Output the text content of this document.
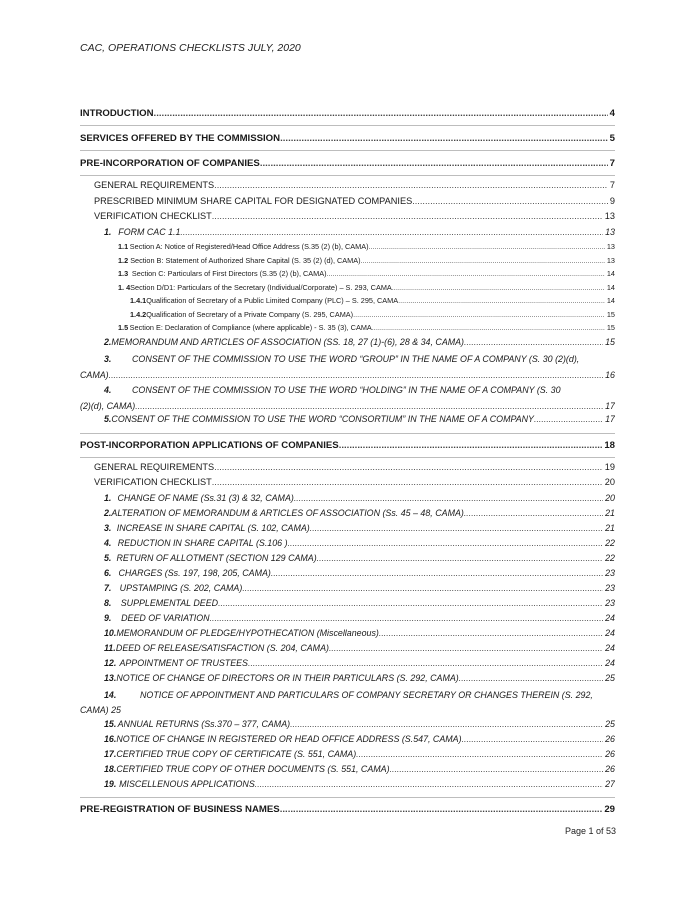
CAC, OPERATIONS CHECKLISTS JULY, 2020
INTRODUCTION .....	4
SERVICES OFFERED BY THE COMMISSION .....	5
PRE-INCORPORATION OF COMPANIES .....	7
GENERAL REQUIREMENTS .....	7
PRESCRIBED MINIMUM SHARE CAPITAL FOR DESIGNATED COMPANIES .....	9
VERIFICATION CHECKLIST .....	13
1. FORM CAC 1.1 .....	13
1.1 Section A: Notice of Registered/Head Office Address (S.35 (2) (b), CAMA) .....	13
1.2 Section B: Statement of Authorized Share Capital (S. 35 (2) (d), CAMA) .....	13
1.3 Section C: Particulars of First Directors (S.35 (2) (b), CAMA) .....	14
1. 4 Section D/D1: Particulars of the Secretary (Individual/Corporate) – S. 293, CAMA .....	14
1.4.1 Qualification of Secretary of a Public Limited Company (PLC) – S. 295, CAMA .....	14
1.4.2 Qualification of Secretary of a Private Company (S. 295, CAMA) .....	15
1.5 Section E: Declaration of Compliance (where applicable) - S. 35 (3), CAMA .....	15
2. MEMORANDUM AND ARTICLES OF ASSOCIATION (SS. 18, 27 (1)-(6), 28 & 34, CAMA) .....	15
3. CONSENT OF THE COMMISSION TO USE THE WORD “GROUP” IN THE NAME OF A COMPANY (S. 30 (2)(d),
CAMA) .....	16
4. CONSENT OF THE COMMISSION TO USE THE WORD “HOLDING” IN THE NAME OF A COMPANY (S. 30
(2)(d), CAMA) .....	17
5. CONSENT OF THE COMMISSION TO USE THE WORD “CONSORTIUM” IN THE NAME OF A COMPANY .....	17
POST-INCORPORATION APPLICATIONS OF COMPANIES .....	18
GENERAL REQUIREMENTS .....	19
VERIFICATION CHECKLIST .....	20
1. CHANGE OF NAME (Ss.31 (3) & 32, CAMA) .....	20
2. ALTERATION OF MEMORANDUM & ARTICLES OF ASSOCIATION (Ss. 45 – 48, CAMA) .....	21
3. INCREASE IN SHARE CAPITAL (S. 102, CAMA) .....	21
4. REDUCTION IN SHARE CAPITAL (S.106 ) .....	22
5. RETURN OF ALLOTMENT (SECTION 129 CAMA) .....	22
6. CHARGES (Ss. 197, 198, 205, CAMA) .....	23
7. UPSTAMPING (S. 202, CAMA) .....	23
8.	SUPPLEMENTAL DEED .....	23
9.	DEED OF VARIATION .....	24
10. MEMORANDUM OF PLEDGE/HYPOTHECATION (Miscellaneous) .....	24
11. DEED OF RELEASE/SATISFACTION (S. 204, CAMA) .....	24
12. APPOINTMENT OF TRUSTEES .....	24
13. NOTICE OF CHANGE OF DIRECTORS OR IN THEIR PARTICULARS (S. 292, CAMA) .....	25
14.	NOTICE OF APPOINTMENT AND PARTICULARS OF COMPANY SECRETARY OR CHANGES THEREIN (S. 292,
CAMA) 25
15. ANNUAL RETURNS (Ss.370 – 377, CAMA) .....	25
16. NOTICE OF CHANGE IN REGISTERED OR HEAD OFFICE ADDRESS (S.547, CAMA) .....	26
17. CERTIFIED TRUE COPY OF CERTIFICATE (S. 551, CAMA) .....	26
18. CERTIFIED TRUE COPY OF OTHER DOCUMENTS (S. 551, CAMA) .....	26
19. MISCELLENOUS APPLICATIONS .....	27
PRE-REGISTRATION OF BUSINESS NAMES .....	29
Page 1 of 53
